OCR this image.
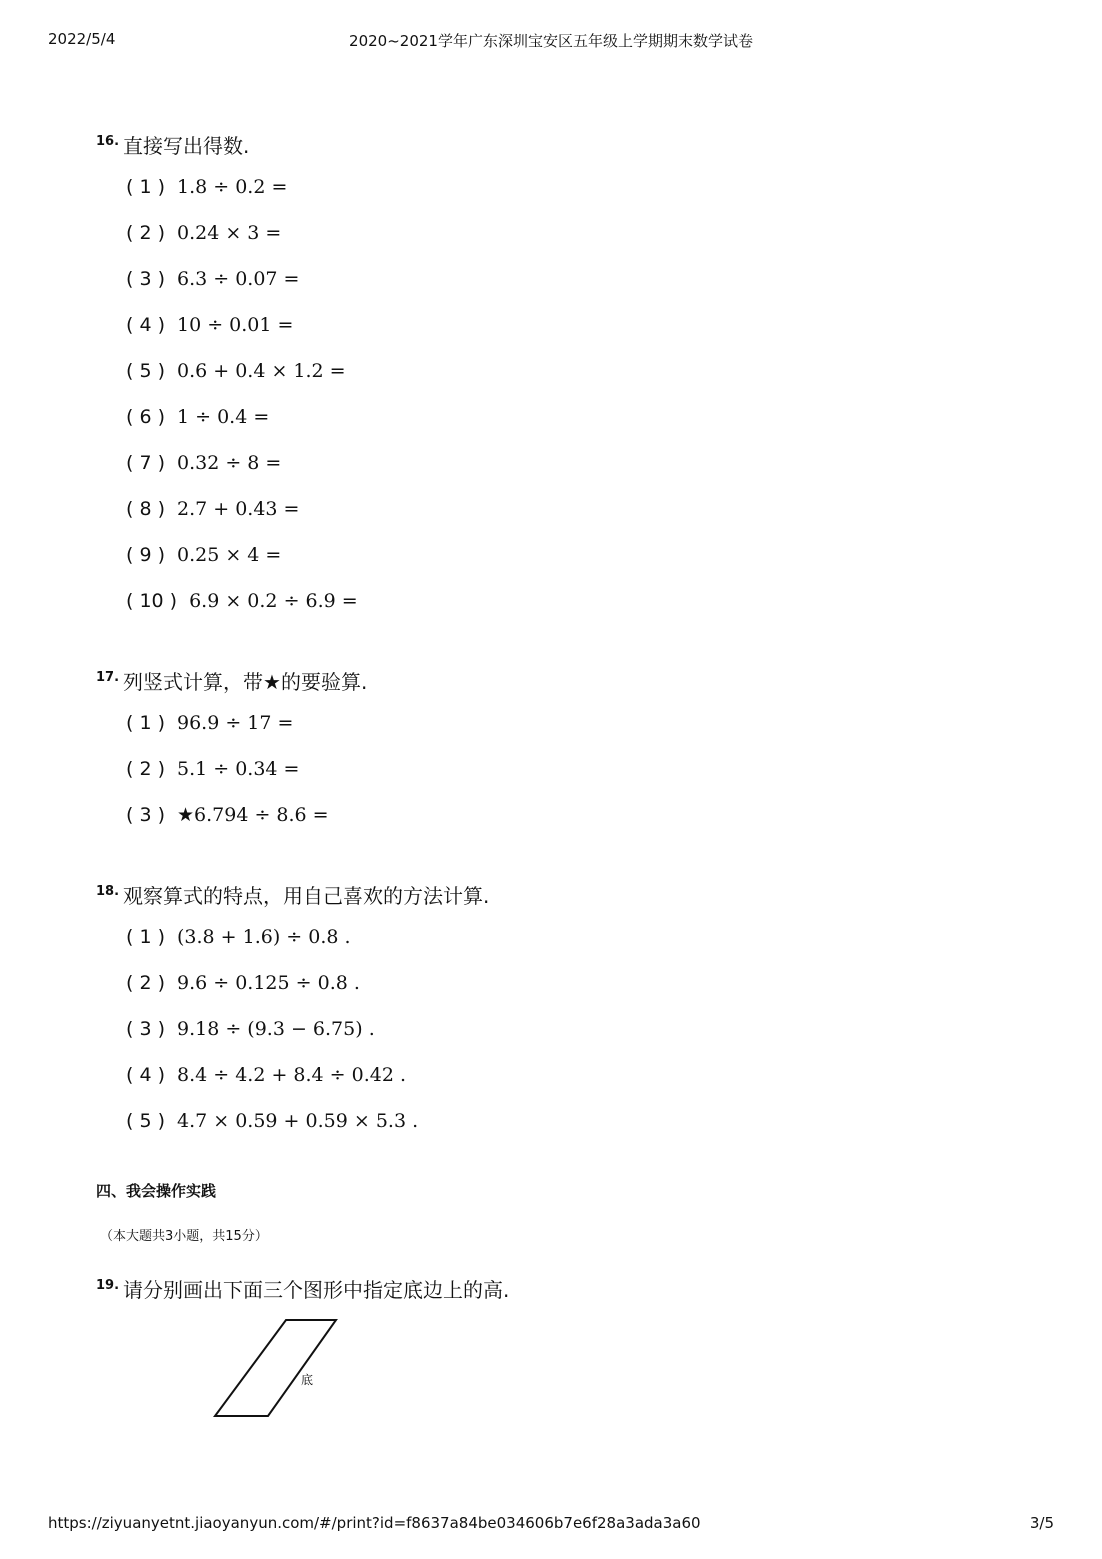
2022/5/4	2020~2021学年广东深圳宝安区五年级上学期期末数学试卷
$^{16.}$ 直接写出得数.
( 1 ) 1.8 ÷ 0.2 =
( 2 ) 0.24 × 3 =
( 3 ) 6.3 ÷ 0.07 =
( 4 ) 10 ÷ 0.01 =
( 5 ) 0.6 + 0.4 × 1.2 =
( 6 ) 1 ÷ 0.4 =
( 7 ) 0.32 ÷ 8 =
( 8 ) 2.7 + 0.43 =
( 9 ) 0.25 × 4 =
( 10 ) 6.9 × 0.2 ÷ 6.9 =
$^{17.}$ 列竖式计算，带★的要验算.
( 1 ) 96.9 ÷ 17 =
( 2 ) 5.1 ÷ 0.34 =
( 3 ) ★6.794 ÷ 8.6 =
$^{18.}$ 观察算式的特点，用自己喜欢的方法计算.
( 1 ) (3.8 + 1.6) ÷ 0.8 .
( 2 ) 9.6 ÷ 0.125 ÷ 0.8 .
( 3 ) 9.18 ÷ (9.3 − 6.75) .
( 4 ) 8.4 ÷ 4.2 + 8.4 ÷ 0.42 .
( 5 ) 4.7 × 0.59 + 0.59 × 5.3 .
四、我会操作实践
（本大题共3小题，共15分）
$^{19.}$ 请分别画出下面三个图形中指定底边上的高.
底
https://ziyuanyetnt.jiaoyanyun.com/#/print?id=f8637a84be034606b7e6f28a3ada3a60	3/5
